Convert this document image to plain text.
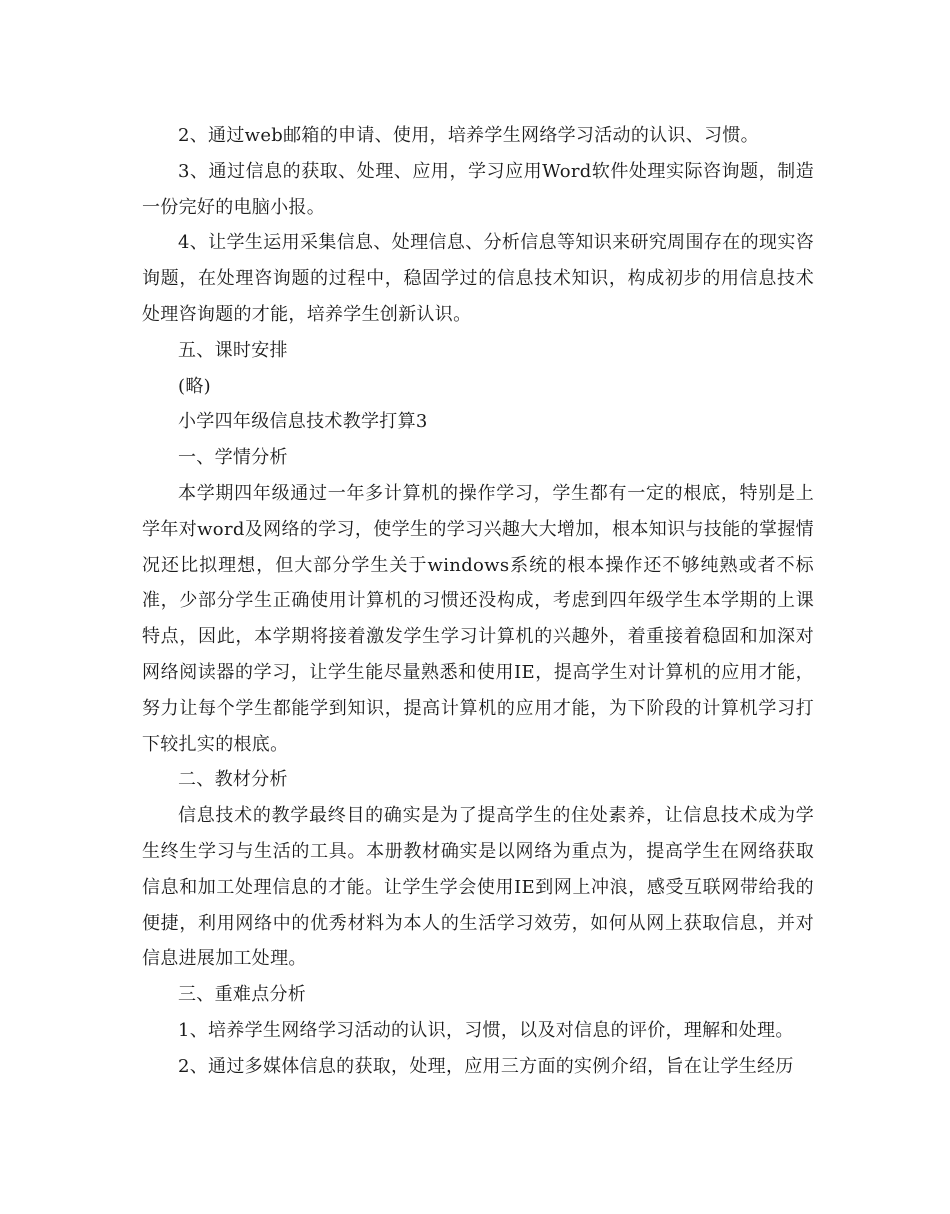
2、通过web邮箱的申请、使用，培养学生网络学习活动的认识、习惯。

3、通过信息的获取、处理、应用，学习应用Word软件处理实际咨询题，制造一份完好的电脑小报。

4、让学生运用采集信息、处理信息、分析信息等知识来研究周围存在的现实咨询题，在处理咨询题的过程中，稳固学过的信息技术知识，构成初步的用信息技术处理咨询题的才能，培养学生创新认识。

五、课时安排

(略)

小学四年级信息技术教学打算3

一、学情分析

本学期四年级通过一年多计算机的操作学习，学生都有一定的根底，特别是上学年对word及网络的学习，使学生的学习兴趣大大增加，根本知识与技能的掌握情况还比拟理想，但大部分学生关于windows系统的根本操作还不够纯熟或者不标准，少部分学生正确使用计算机的习惯还没构成，考虑到四年级学生本学期的上课特点，因此，本学期将接着激发学生学习计算机的兴趣外，着重接着稳固和加深对网络阅读器的学习，让学生能尽量熟悉和使用IE，提高学生对计算机的应用才能，努力让每个学生都能学到知识，提高计算机的应用才能，为下阶段的计算机学习打下较扎实的根底。

二、教材分析

信息技术的教学最终目的确实是为了提高学生的住处素养，让信息技术成为学生终生学习与生活的工具。本册教材确实是以网络为重点为，提高学生在网络获取信息和加工处理信息的才能。让学生学会使用IE到网上冲浪，感受互联网带给我的便捷，利用网络中的优秀材料为本人的生活学习效劳，如何从网上获取信息，并对信息进展加工处理。

三、重难点分析

1、培养学生网络学习活动的认识，习惯，以及对信息的评价，理解和处理。

2、通过多媒体信息的获取，处理，应用三方面的实例介绍，旨在让学生经历
